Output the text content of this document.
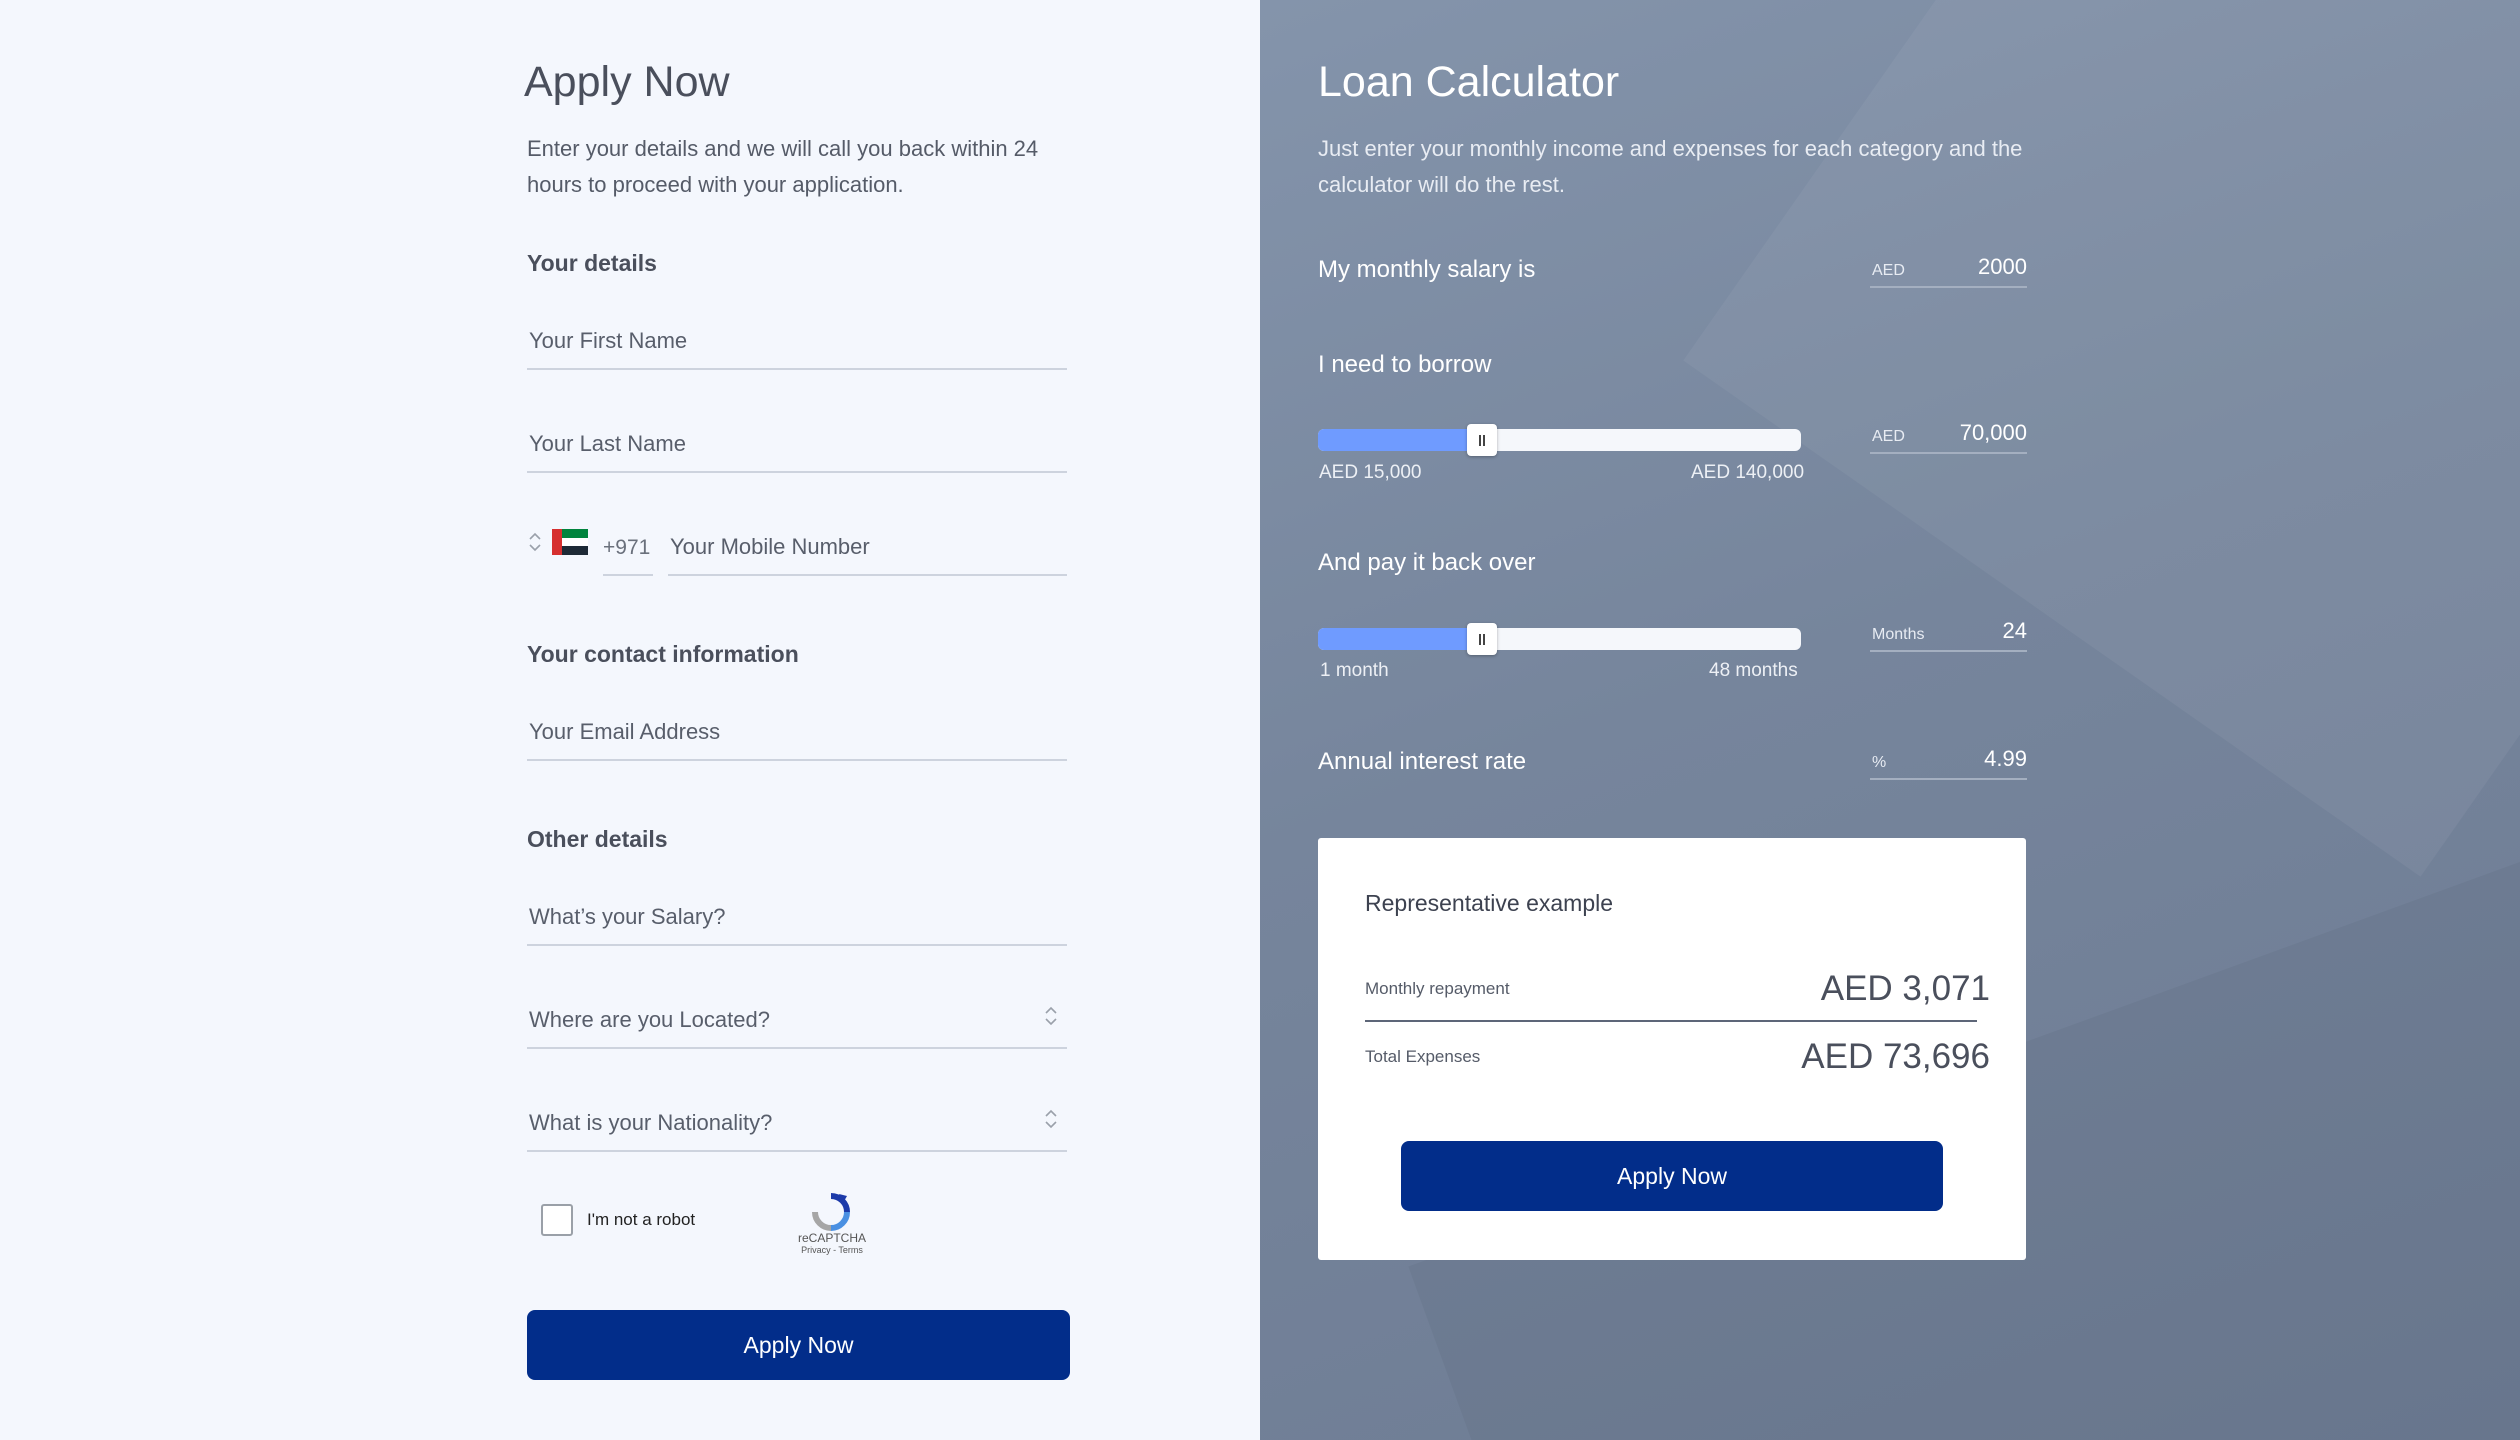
Apply Now
Enter your details and we will call you back within 24
hours to proceed with your application.
Your details
Your First Name
Your Last Name
+971
Your Mobile Number
Your contact information
Your Email Address
Other details
What’s your Salary?
Where are you Located?
What is your Nationality?
I'm not a robot
reCAPTCHA
Privacy - Terms
Apply Now
Loan Calculator
Just enter your monthly income and expenses for each category and the
calculator will do the rest.
My monthly salary is	AED	2000
I need to borrow
AED 15,000	AED 140,000
AED 70,000
And pay it back over
1 month	48 months
Months	24
Annual interest rate	%	4.99
Representative example
Monthly repayment	AED 3,071
Total Expenses	AED 73,696
Apply Now
